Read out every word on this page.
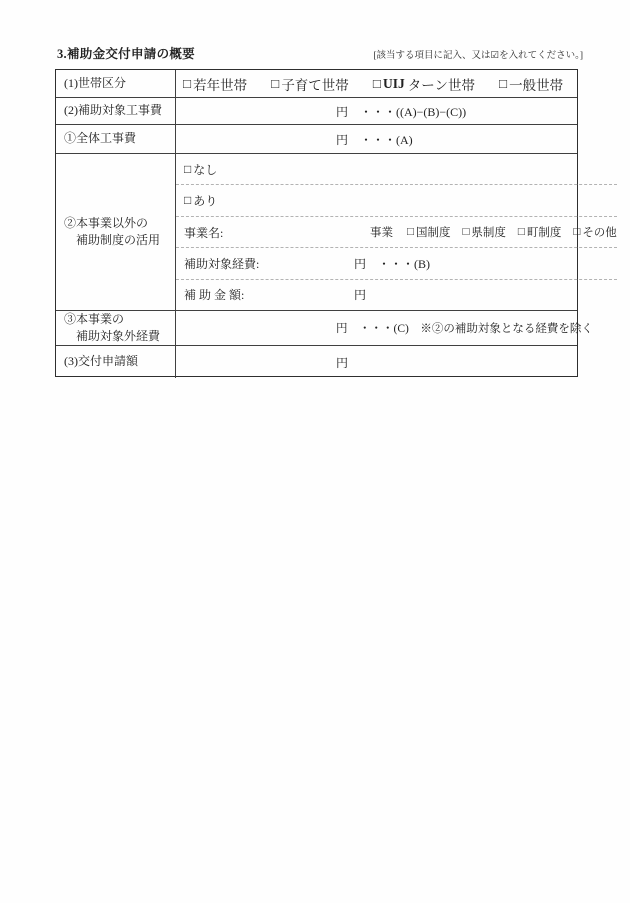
3.補助金交付申請の概要	[該当する項目に記入、又は☑を入れてください。]
(1)世帯区分	□ 若年世帯 □ 子育て世帯 □ UIJ ターン世帯 □ 一般世帯
(2)補助対象工事費	円　・・・((A)−(B)−(C))
①全体工事費	円　・・・(A)
②本事業以外の
補助制度の活用
□ なし
□ あり
事業名:	事業 □ 国制度 □ 県制度 □ 町制度 □ その他
補助対象経費:	円　・・・(B)
補 助 金 額:	円
③本事業の
補助対象外経費	円　・・・(C)　※②の補助対象となる経費を除く
(3)交付申請額	円
